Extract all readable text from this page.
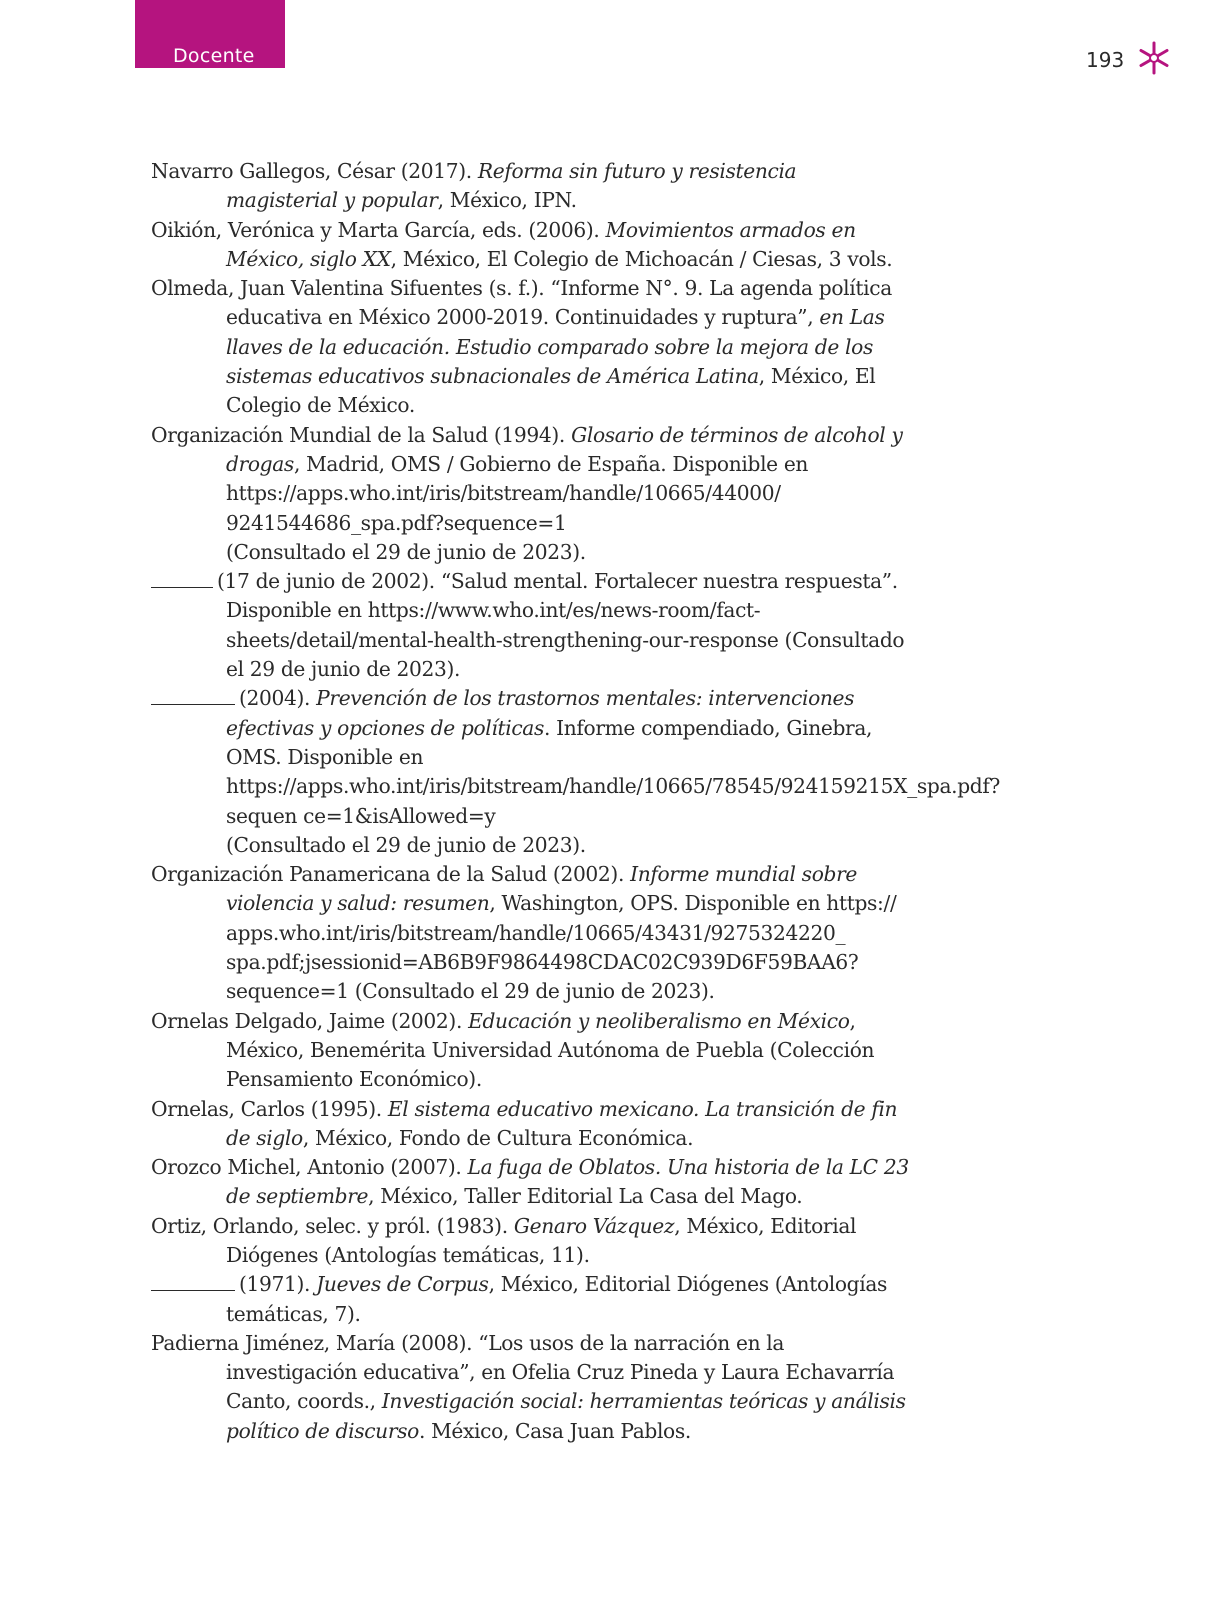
Docente	193

Navarro Gallegos, César (2017). Reforma sin futuro y resistencia magisterial y popular, México, IPN.

Oikión, Verónica y Marta García, eds. (2006). Movimientos armados en México, siglo XX, México, El Colegio de Michoacán / Ciesas, 3 vols.

Olmeda, Juan Valentina Sifuentes (s. f.). “Informe N°. 9. La agenda política educativa en México 2000-2019. Continuidades y ruptura”, en Las llaves de la educación. Estudio comparado sobre la mejora de los sistemas educativos subnacionales de América Latina, México, El Colegio de México.

Organización Mundial de la Salud (1994). Glosario de términos de alcohol y drogas, Madrid, OMS / Gobierno de España. Disponible en https://apps.who.int/iris/bitstream/handle/10665/44000/ 9241544686_spa.pdf?sequence=1
(Consultado el 29 de junio de 2023).

(17 de junio de 2002). “Salud mental. Fortalecer nuestra respuesta”. Disponible en https://www.who.int/es/news-room/fact-sheets/detail/mental-health-strengthening-our-response (Consultado el 29 de junio de 2023).

(2004). Prevención de los trastornos mentales: intervenciones efectivas y opciones de políticas. Informe compendiado, Ginebra, OMS. Disponible en https://apps.who.int/iris/bitstream/handle/10665/78545/924159215X_spa.pdf?sequen ce=1&isAllowed=y
(Consultado el 29 de junio de 2023).

Organización Panamericana de la Salud (2002). Informe mundial sobre violencia y salud: resumen, Washington, OPS. Disponible en https:// apps.who.int/iris/bitstream/handle/10665/43431/9275324220_ spa.pdf;jsessionid=AB6B9F9864498CDAC02C939D6F59BAA6?sequence=1 (Consultado el 29 de junio de 2023).

Ornelas Delgado, Jaime (2002). Educación y neoliberalismo en México, México, Benemérita Universidad Autónoma de Puebla (Colección Pensamiento Económico).

Ornelas, Carlos (1995). El sistema educativo mexicano. La transición de fin de siglo, México, Fondo de Cultura Económica.

Orozco Michel, Antonio (2007). La fuga de Oblatos. Una historia de la LC 23 de septiembre, México, Taller Editorial La Casa del Mago.

Ortiz, Orlando, selec. y pról. (1983). Genaro Vázquez, México, Editorial Diógenes (Antologías temáticas, 11).

(1971). Jueves de Corpus, México, Editorial Diógenes (Antologías temáticas, 7).

Padierna Jiménez, María (2008). “Los usos de la narración en la investigación educativa”, en Ofelia Cruz Pineda y Laura Echavarría Canto, coords., Investigación social: herramientas teóricas y análisis político de discurso. México, Casa Juan Pablos.
